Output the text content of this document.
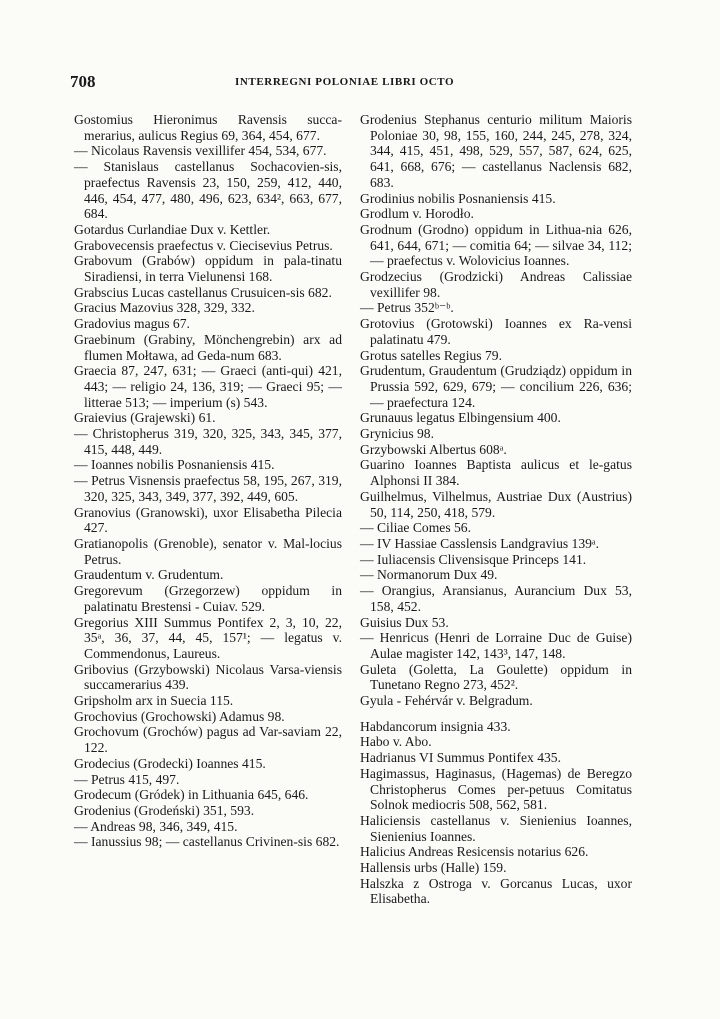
708	INTERREGNI POLONIAE LIBRI OCTO

Gostomius Hieronimus Ravensis succa-merarius, aulicus Regius 69, 364, 454, 677.

— Nicolaus Ravensis vexillifer 454, 534, 677.

— Stanislaus castellanus Sochacovien-sis, praefectus Ravensis 23, 150, 259, 412, 440, 446, 454, 477, 480, 496, 623, 634², 663, 677, 684.

Gotardus Curlandiae Dux v. Kettler.

Grabovecensis praefectus v. Ciecisevius Petrus.

Grabovum (Grabów) oppidum in pala-tinatu Siradiensi, in terra Vielunensi 168.

Grabscius Lucas castellanus Crusuicen-sis 682.

Gracius Mazovius 328, 329, 332.

Gradovius magus 67.

Graebinum (Grabiny, Mönchengrebin) arx ad flumen Mołtawa, ad Geda-num 683.

Graecia 87, 247, 631; — Graeci (anti-qui) 421, 443; — religio 24, 136, 319; — Graeci 95; — litterae 513; — imperium (s) 543.

Graievius (Grajewski) 61.

— Christopherus 319, 320, 325, 343, 345, 377, 415, 448, 449.

— Ioannes nobilis Posnaniensis 415.

— Petrus Visnensis praefectus 58, 195, 267, 319, 320, 325, 343, 349, 377, 392, 449, 605.

Granovius (Granowski), uxor Elisabetha Pilecia 427.

Gratianopolis (Grenoble), senator v. Mal-locius Petrus.

Graudentum v. Grudentum.

Gregorevum (Grzegorzew) oppidum in palatinatu Brestensi - Cuiav. 529.

Gregorius XIII Summus Pontifex 2, 3, 10, 22, 35ᵃ, 36, 37, 44, 45, 157¹; — legatus v. Commendonus, Laureus.

Gribovius (Grzybowski) Nicolaus Varsa-viensis succamerarius 439.

Gripsholm arx in Suecia 115.

Grochovius (Grochowski) Adamus 98.

Grochovum (Grochów) pagus ad Var-saviam 22, 122.

Grodecius (Grodecki) Ioannes 415.

— Petrus 415, 497.

Grodecum (Gródek) in Lithuania 645, 646.

Grodenius (Grodeński) 351, 593.

— Andreas 98, 346, 349, 415.

— Ianussius 98; — castellanus Crivinen-sis 682.

Grodenius Stephanus centurio militum Maioris Poloniae 30, 98, 155, 160, 244, 245, 278, 324, 344, 415, 451, 498, 529, 557, 587, 624, 625, 641, 668, 676; — castellanus Naclensis 682, 683.

Grodinius nobilis Posnaniensis 415.

Grodlum v. Horodło.

Grodnum (Grodno) oppidum in Lithua-nia 626, 641, 644, 671; — comitia 64; — silvae 34, 112; — praefectus v. Wolovicius Ioannes.

Grodzecius (Grodzicki) Andreas Calissiae vexillifer 98.

— Petrus 352ᵇ⁻ᵇ.

Grotovius (Grotowski) Ioannes ex Ra-vensi palatinatu 479.

Grotus satelles Regius 79.

Grudentum, Graudentum (Grudziądz) oppidum in Prussia 592, 629, 679; — concilium 226, 636; — praefectura 124.

Grunauus legatus Elbingensium 400.

Grynicius 98.

Grzybowski Albertus 608ᵃ.

Guarino Ioannes Baptista aulicus et le-gatus Alphonsi II 384.

Guilhelmus, Vilhelmus, Austriae Dux (Austrius) 50, 114, 250, 418, 579.

— Ciliae Comes 56.

— IV Hassiae Casslensis Landgravius 139ᵃ.

— Iuliacensis Clivensisque Princeps 141.

— Normanorum Dux 49.

— Orangius, Aransianus, Aurancium Dux 53, 158, 452.

Guisius Dux 53.

— Henricus (Henri de Lorraine Duc de Guise) Aulae magister 142, 143³, 147, 148.

Guleta (Goletta, La Goulette) oppidum in Tunetano Regno 273, 452².

Gyula - Fehérvár v. Belgradum.

Habdancorum insignia 433.

Habo v. Abo.

Hadrianus VI Summus Pontifex 435.

Hagimassus, Haginasus, (Hagemas) de Beregzo Christopherus Comes per-petuus Comitatus Solnok mediocris 508, 562, 581.

Haliciensis castellanus v. Sienienius Ioannes, Sienienius Ioannes.

Halicius Andreas Resicensis notarius 626.

Hallensis urbs (Halle) 159.

Halszka z Ostroga v. Gorcanus Lucas, uxor Elisabetha.
